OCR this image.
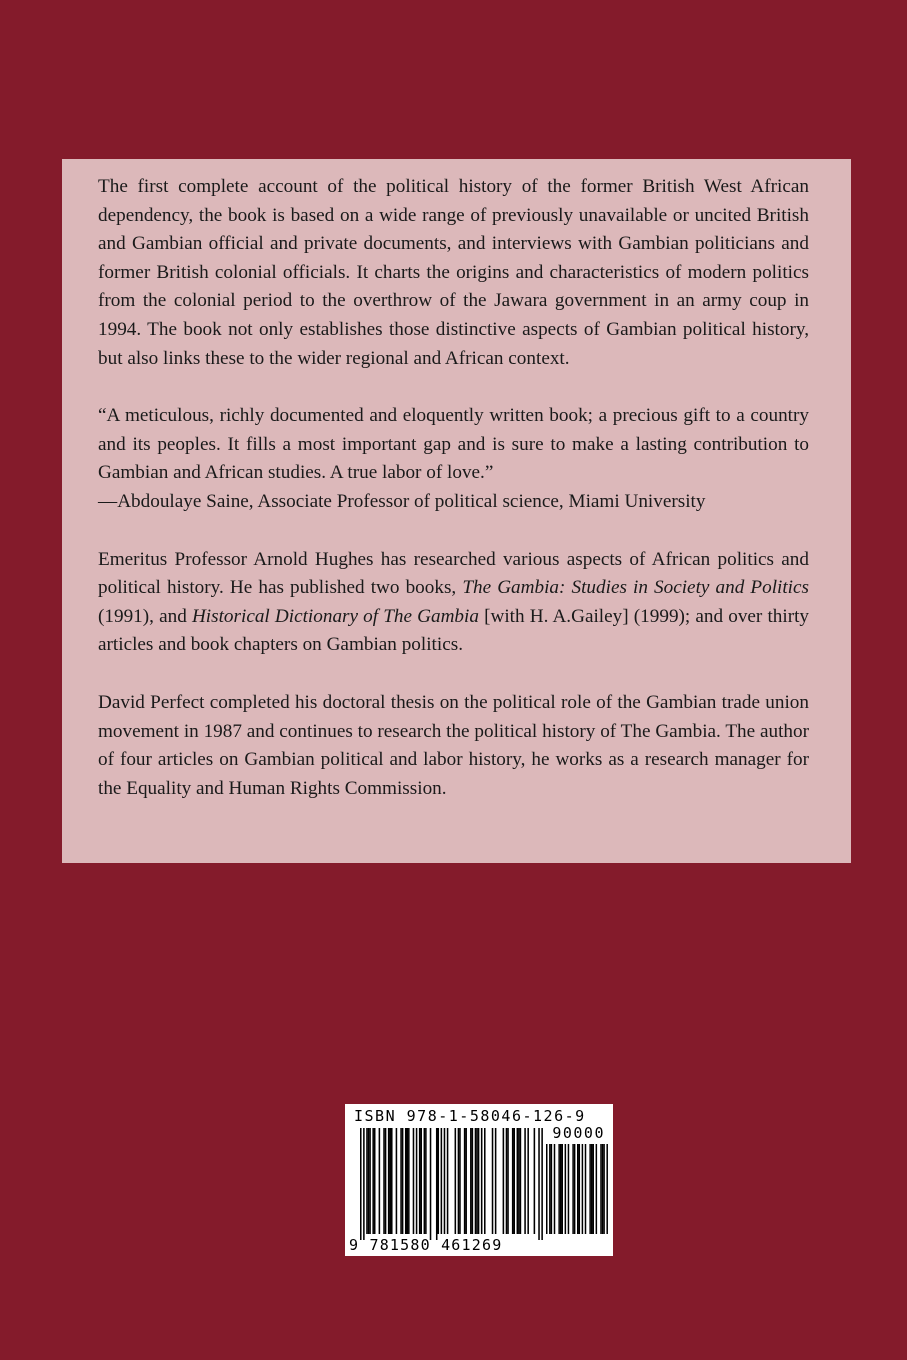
The first complete account of the political history of the former British West African dependency, the book is based on a wide range of previously unavailable or uncited British and Gambian official and private documents, and interviews with Gambian politicians and former British colonial officials. It charts the origins and characteristics of modern politics from the colonial period to the overthrow of the Jawara government in an army coup in 1994. The book not only establishes those distinctive aspects of Gambian political history, but also links these to the wider regional and African context.

“A meticulous, richly documented and eloquently written book; a precious gift to a country and its peoples. It fills a most important gap and is sure to make a lasting contribution to Gambian and African studies. A true labor of love.”
—Abdoulaye Saine, Associate Professor of political science, Miami University

Emeritus Professor Arnold Hughes has researched various aspects of African politics and political history. He has published two books, The Gambia: Studies in Society and Politics (1991), and Historical Dictionary of The Gambia [with H. A.Gailey] (1999); and over thirty articles and book chapters on Gambian politics.

David Perfect completed his doctoral thesis on the political role of the Gambian trade union movement in 1987 and continues to research the political history of The Gambia. The author of four articles on Gambian political and labor history, he works as a research manager for the Equality and Human Rights Commission.

ISBN 978-1-58046-126-9
90000
9 781580 461269
